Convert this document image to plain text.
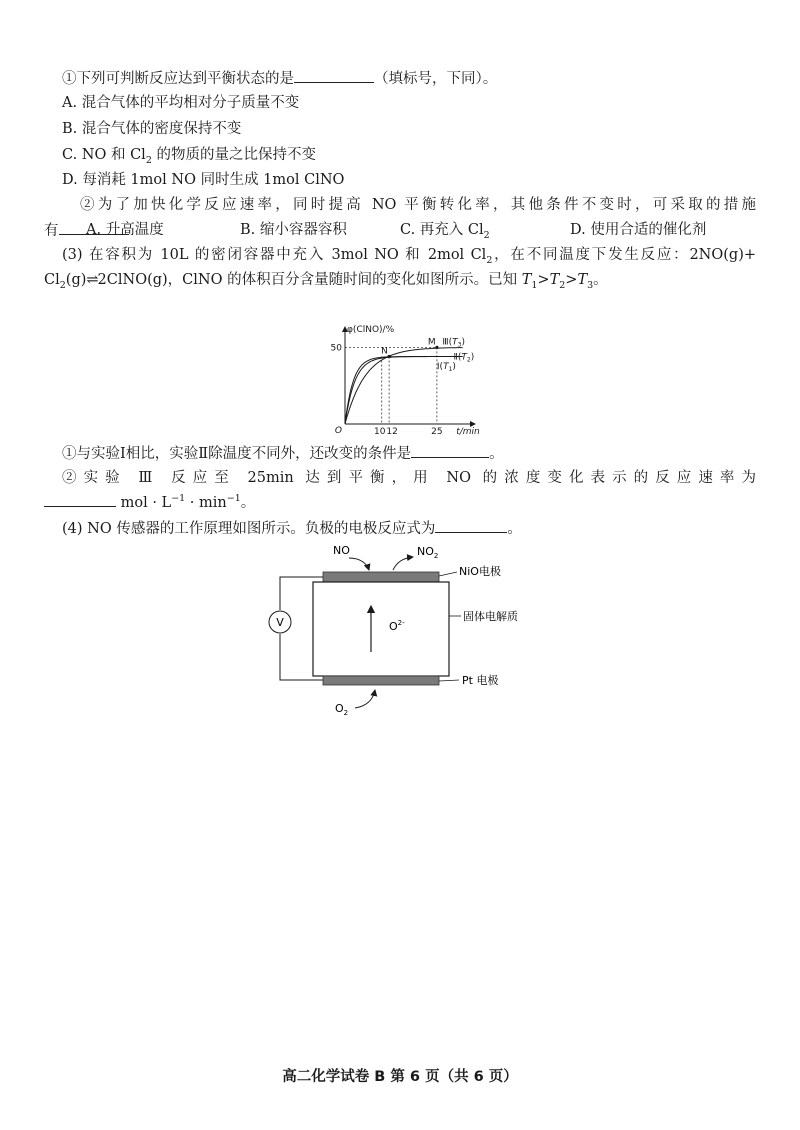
①下列可判断反应达到平衡状态的是	（填标号，下同）。
A. 混合气体的平均相对分子质量不变
B. 混合气体的密度保持不变
C. NO 和 $Cl_2$ 的物质的量之比保持不变
D. 每消耗 1mol NO 同时生成 1mol ClNO
②为了加快化学反应速率，同时提高 NO 平衡转化率，其他条件不变时，可采取的措施
有 A. 升高温度	B. 缩小容器容积	C. 再充入 $Cl_2$	D. 使用合适的催化剂
(3) 在容积为 10L 的密闭容器中充入 3mol NO 和 2mol $Cl_2$，在不同温度下发生反应：2NO(g)+
$Cl_2(g)\rightleftharpoons 2ClNO(g)$，ClNO 的体积百分含量随时间的变化如图所示。已知 $T_1>T_2>T_3$。
φ(ClNO)/%
50
O	10 12	25 t/min
M
N
$Ⅲ(T_3)$
$Ⅱ(T_2)$
$Ⅰ(T_1)$
①与实验Ⅰ相比，实验Ⅱ除温度不同外，还改变的条件是	。
②实验 Ⅲ 反应至 25min 达到平衡，用 NO 的浓度变化表示的反应速率为
mol · $L^{-1} \cdot \min^{-1}$。
(4) NO 传感器的工作原理如图所示。负极的电极反应式为	。
V	$O^{2-}$
NO	$NO_2$
NiO电极
固体电解质
Pt 电极
$O_2$
高二化学试卷 B 第 6 页（共 6 页）
